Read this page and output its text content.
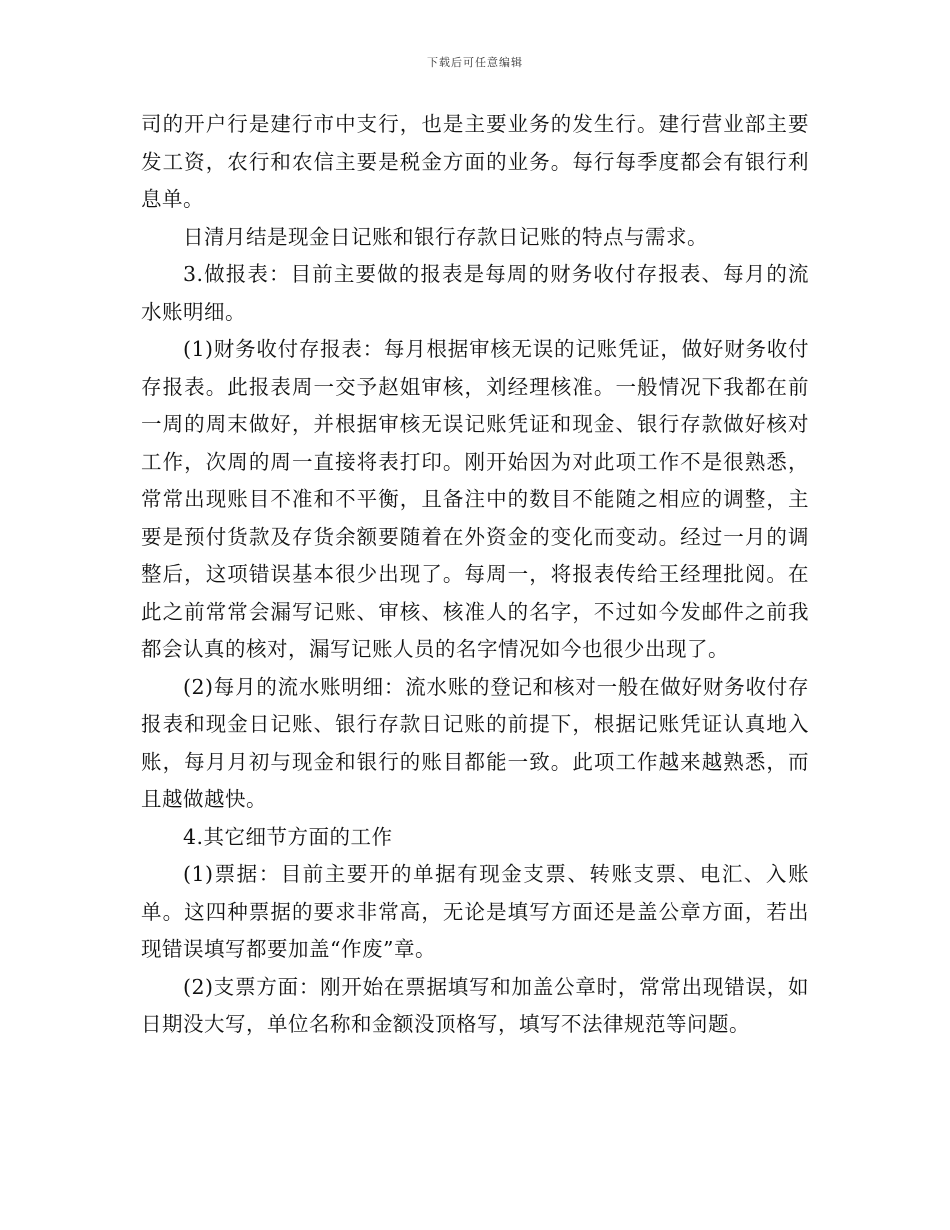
下载后可任意编辑

司的开户行是建行市中支行，也是主要业务的发生行。建行营业部主要发工资，农行和农信主要是税金方面的业务。每行每季度都会有银行利息单。

日清月结是现金日记账和银行存款日记账的特点与需求。

3.做报表：目前主要做的报表是每周的财务收付存报表、每月的流水账明细。

(1)财务收付存报表：每月根据审核无误的记账凭证，做好财务收付存报表。此报表周一交予赵姐审核，刘经理核准。一般情况下我都在前一周的周末做好，并根据审核无误记账凭证和现金、银行存款做好核对工作，次周的周一直接将表打印。刚开始因为对此项工作不是很熟悉，常常出现账目不准和不平衡，且备注中的数目不能随之相应的调整，主要是预付货款及存货余额要随着在外资金的变化而变动。经过一月的调整后，这项错误基本很少出现了。每周一，将报表传给王经理批阅。在此之前常常会漏写记账、审核、核准人的名字，不过如今发邮件之前我都会认真的核对，漏写记账人员的名字情况如今也很少出现了。

(2)每月的流水账明细：流水账的登记和核对一般在做好财务收付存报表和现金日记账、银行存款日记账的前提下，根据记账凭证认真地入账，每月月初与现金和银行的账目都能一致。此项工作越来越熟悉，而且越做越快。

4.其它细节方面的工作

(1)票据：目前主要开的单据有现金支票、转账支票、电汇、入账单。这四种票据的要求非常高，无论是填写方面还是盖公章方面，若出现错误填写都要加盖“作废”章。

(2)支票方面：刚开始在票据填写和加盖公章时，常常出现错误，如日期没大写，单位名称和金额没顶格写，填写不法律规范等问题。
